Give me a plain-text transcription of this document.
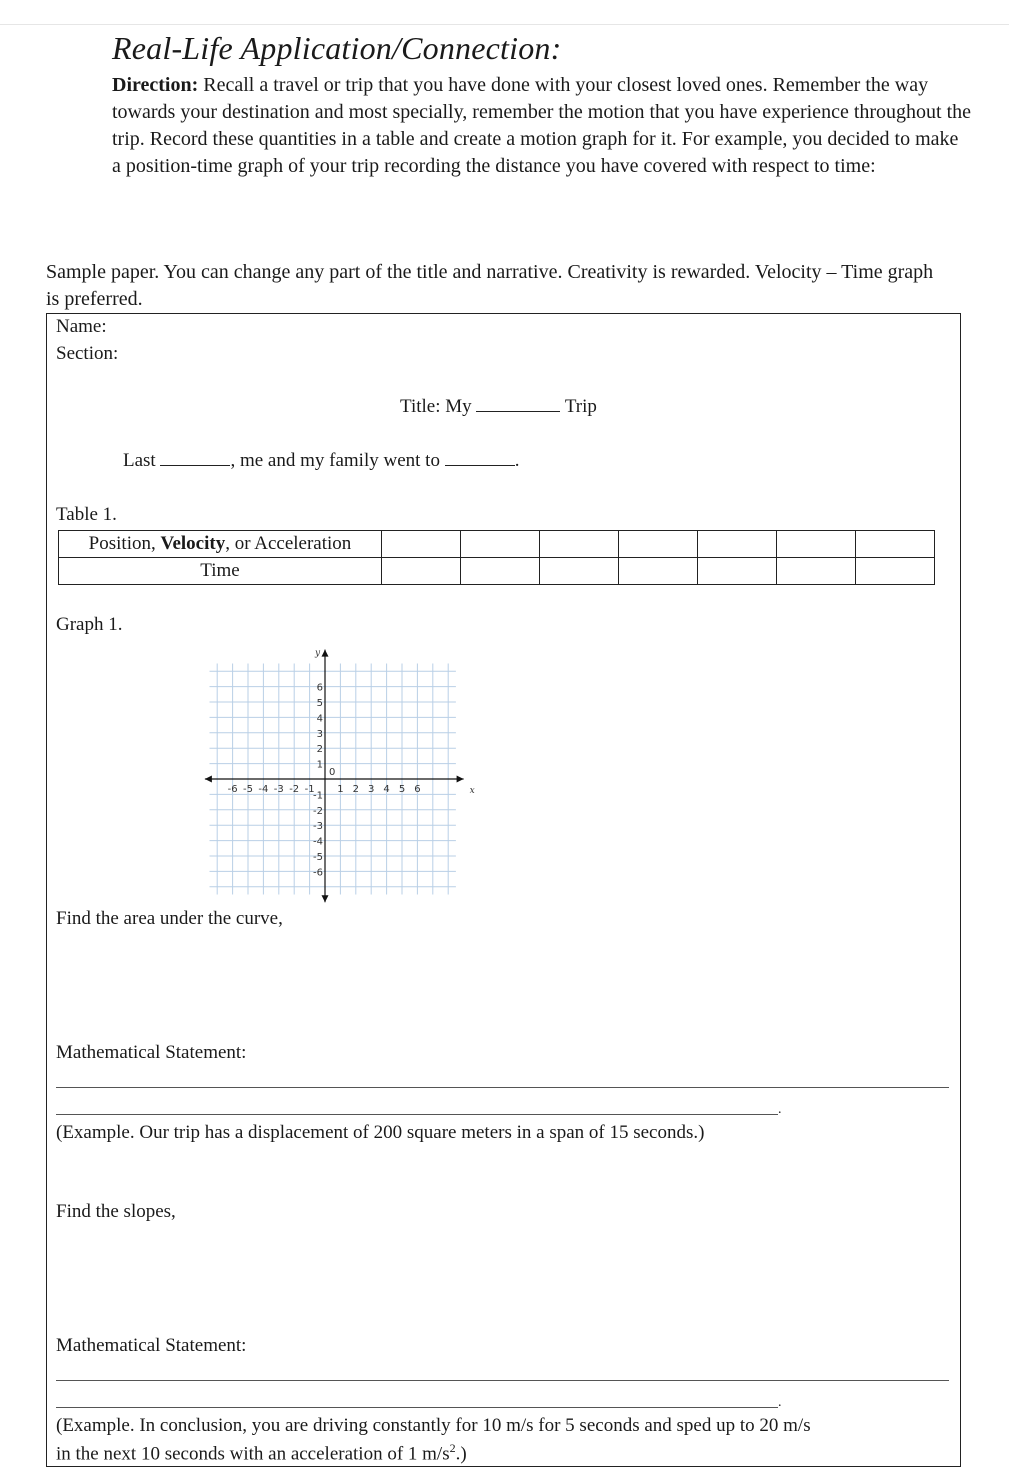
Real-Life Application/Connection:
Direction: Recall a travel or trip that you have done with your closest loved ones. Remember the way towards your destination and most specially, remember the motion that you have experience throughout the trip. Record these quantities in a table and create a motion graph for it. For example, you decided to make a position-time graph of your trip recording the distance you have covered with respect to time:
Sample paper. You can change any part of the title and narrative. Creativity is rewarded. Velocity – Time graph is preferred.
Name:
Section:
Title: My	Trip
Last	, me and my family went to	.
Table 1.
Position, Velocity, or Acceleration							
Time							
Graph 1.
-6 -5 -4 -3 -2 -1 1 2 3 4 5 6
6
5
4
3
2
1
-1
-2
-3
-4
-5
-6
0
x
y
Find the area under the curve,
Mathematical Statement:
.
(Example. Our trip has a displacement of 200 square meters in a span of 15 seconds.)
Find the slopes,
Mathematical Statement:
.
(Example. In conclusion, you are driving constantly for 10 m/s for 5 seconds and sped up to 20 m/s
in the next 10 seconds with an acceleration of 1 $m/s^2$.)
